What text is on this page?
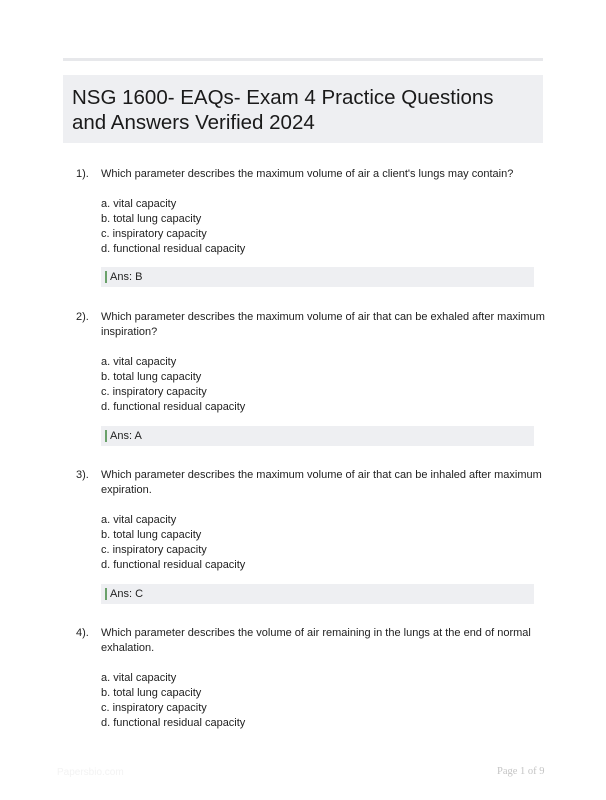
NSG 1600- EAQs- Exam 4 Practice Questions
and Answers Verified 2024
1). Which parameter describes the maximum volume of air a client's lungs may contain?
a. vital capacity
b. total lung capacity
c. inspiratory capacity
d. functional residual capacity
Ans: B
2). Which parameter describes the maximum volume of air that can be exhaled after maximum
inspiration?
a. vital capacity
b. total lung capacity
c. inspiratory capacity
d. functional residual capacity
Ans: A
3). Which parameter describes the maximum volume of air that can be inhaled after maximum
expiration.
a. vital capacity
b. total lung capacity
c. inspiratory capacity
d. functional residual capacity
Ans: C
4). Which parameter describes the volume of air remaining in the lungs at the end of normal
exhalation.
a. vital capacity
b. total lung capacity
c. inspiratory capacity
d. functional residual capacity
Papersbio.com	Page 1 of 9
